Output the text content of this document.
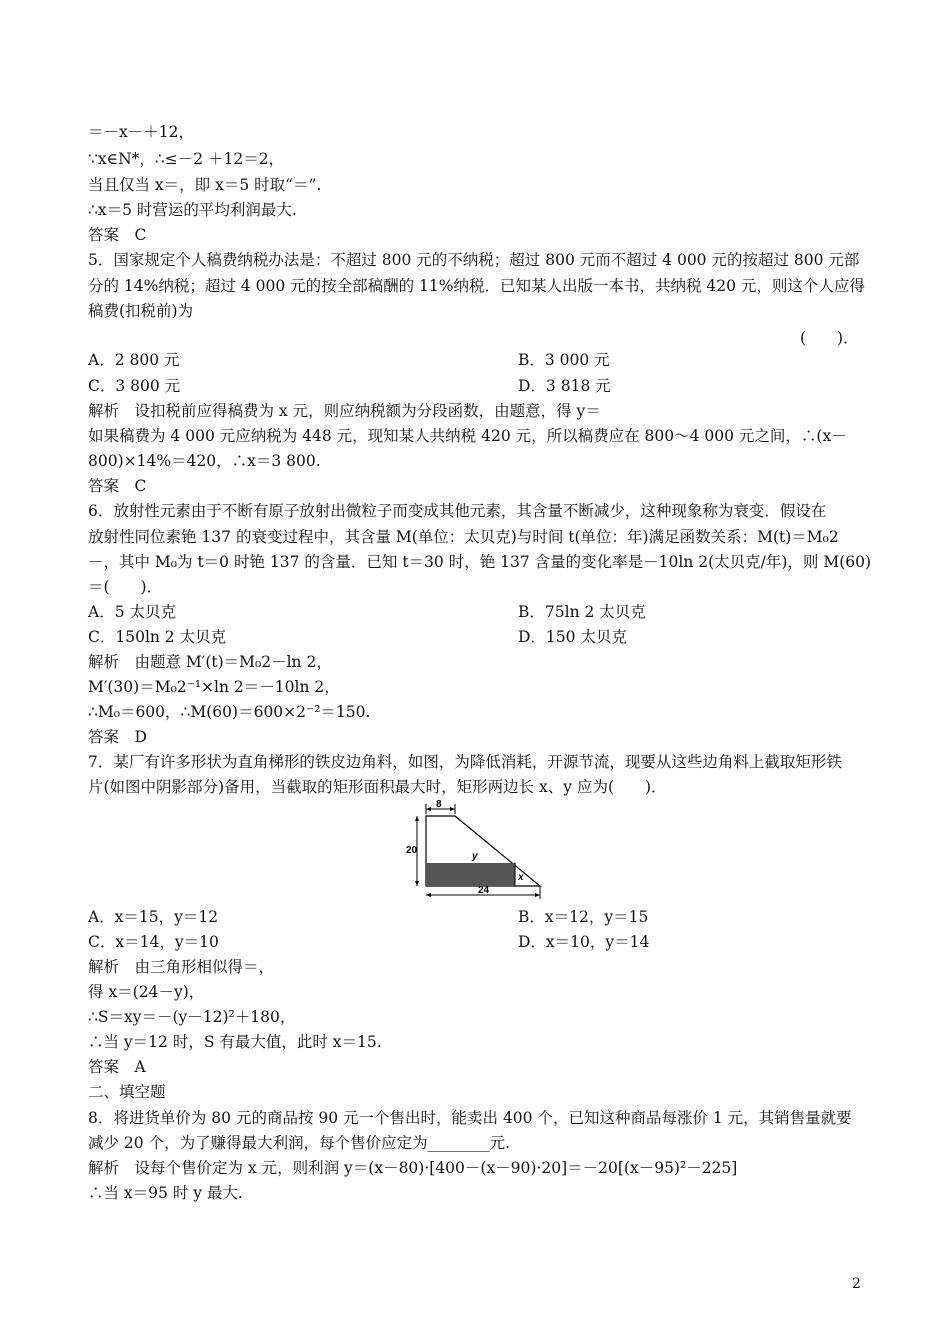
＝－x－＋12，
∵x∈N*，∴≤－2 ＋12＝2，
当且仅当 x＝，即 x＝5 时取“＝”.
∴x＝5 时营运的平均利润最大.
答案　C
5．国家规定个人稿费纳税办法是：不超过 800 元的不纳税；超过 800 元而不超过 4 000 元的按超过 800 元部
分的 14%纳税；超过 4 000 元的按全部稿酬的 11%纳税．已知某人出版一本书，共纳税 420 元，则这个人应得
稿费(扣税前)为
(　　)．
A．2 800 元	B．3 000 元
C．3 800 元	D．3 818 元
解析　设扣税前应得稿费为 x 元，则应纳税额为分段函数，由题意，得 y＝
如果稿费为 4 000 元应纳税为 448 元，现知某人共纳税 420 元，所以稿费应在 800～4 000 元之间，∴(x－
800)×14%＝420，∴x＝3 800.
答案　C
6．放射性元素由于不断有原子放射出微粒子而变成其他元素，其含量不断减少，这种现象称为衰变．假设在
放射性同位素铯 137 的衰变过程中，其含量 M(单位：太贝克)与时间 t(单位：年)满足函数关系：M(t)＝M₀2
－，其中 M₀为 t＝0 时铯 137 的含量．已知 t＝30 时，铯 137 含量的变化率是－10ln 2(太贝克/年)，则 M(60)
＝(　　)．
A．5 太贝克	B．75ln 2 太贝克
C．150ln 2 太贝克	D．150 太贝克
解析　由题意 M′(t)＝M₀2－ln 2，
M′(30)＝M₀2⁻¹×ln 2＝－10ln 2，
∴M₀＝600，∴M(60)＝600×2⁻²＝150.
答案　D
7．某厂有许多形状为直角梯形的铁皮边角料，如图，为降低消耗，开源节流，现要从这些边角料上截取矩形铁
片(如图中阴影部分)备用，当截取的矩形面积最大时，矩形两边长 x、y 应为(　　)．
8
20
y
x
24
A．x＝15，y＝12	B．x＝12，y＝15
C．x＝14，y＝10	D．x＝10，y＝14
解析　由三角形相似得＝，
得 x＝(24－y)，
∴S＝xy＝－(y－12)²＋180，
∴当 y＝12 时，S 有最大值，此时 x＝15.
答案　A
二、填空题
8．将进货单价为 80 元的商品按 90 元一个售出时，能卖出 400 个，已知这种商品每涨价 1 元，其销售量就要
减少 20 个，为了赚得最大利润，每个售价应定为________元.
解析　设每个售价定为 x 元，则利润 y＝(x－80)·[400－(x－90)·20]＝－20[(x－95)²－225]
∴当 x＝95 时 y 最大.
2
